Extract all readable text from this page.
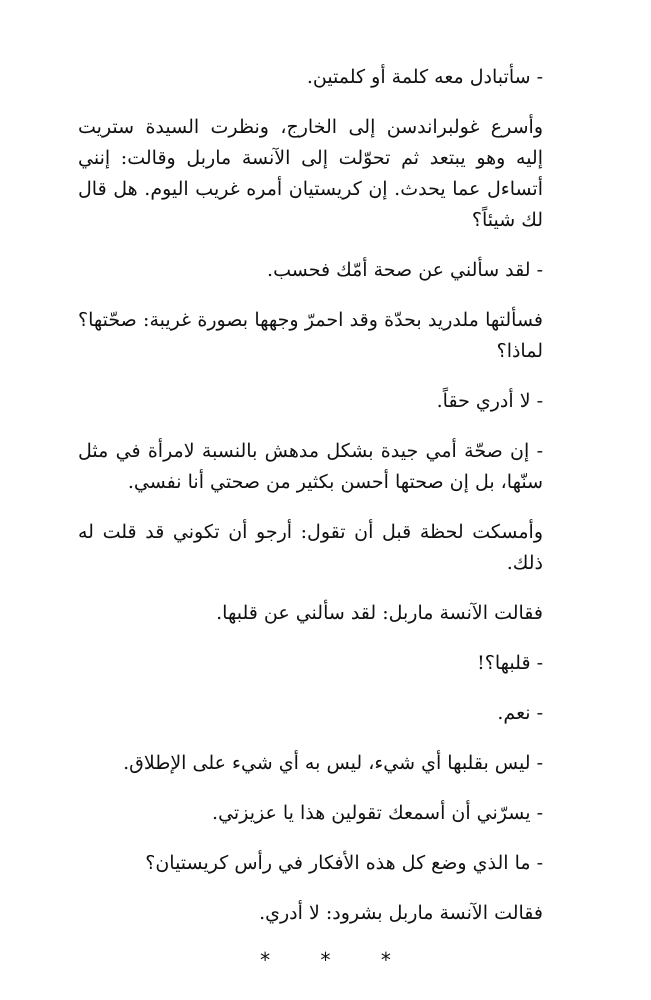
- سأتبادل معه كلمة أو كلمتين.

وأسرع غولبراندسن إلى الخارج، ونظرت السيدة ستريت إليه وهو يبتعد ثم تحوّلت إلى الآنسة ماربل وقالت: إنني أتساءل عما يحدث. إن كريستيان أمره غريب اليوم. هل قال لك شيئاً؟

- لقد سألني عن صحة أمّك فحسب.

فسألتها ملدريد بحدّة وقد احمرّ وجهها بصورة غريبة: صحّتها؟ لماذا؟

- لا أدري حقاً.

- إن صحّة أمي جيدة بشكل مدهش بالنسبة لامرأة في مثل سنّها، بل إن صحتها أحسن بكثير من صحتي أنا نفسي.

وأمسكت لحظة قبل أن تقول: أرجو أن تكوني قد قلت له ذلك.

فقالت الآنسة ماربل: لقد سألني عن قلبها.

- قلبها؟!

- نعم.

- ليس بقلبها أي شيء، ليس به أي شيء على الإطلاق.

- يسرّني أن أسمعك تقولين هذا يا عزيزتي.

- ما الذي وضع كل هذه الأفكار في رأس كريستيان؟

فقالت الآنسة ماربل بشرود: لا أدري.

* * *
